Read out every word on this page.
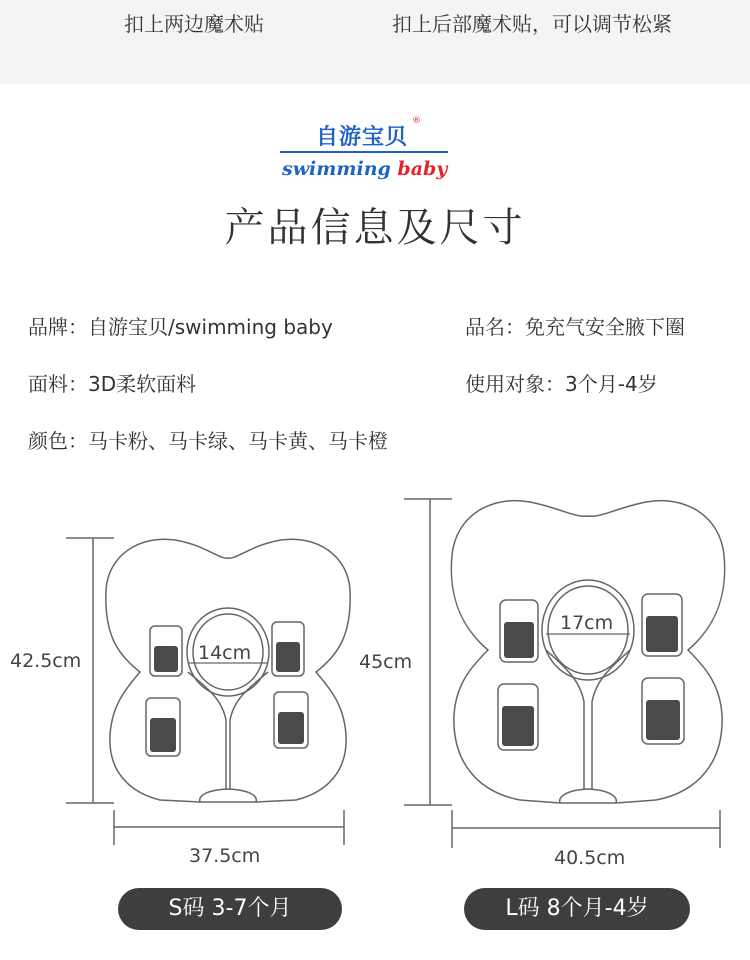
扣上两边魔术贴	扣上后部魔术贴，可以调节松紧
自游宝贝
®
swimming baby
产品信息及尺寸
品牌：自游宝贝/swimming baby	品名：免充气安全腋下圈
面料：3D柔软面料	使用对象：3个月-4岁
颜色：马卡粉、马卡绿、马卡黄、马卡橙
42.5cm	14cm
37.5cm
45cm
17cm
40.5cm
S码 3-7个月	L码 8个月-4岁
